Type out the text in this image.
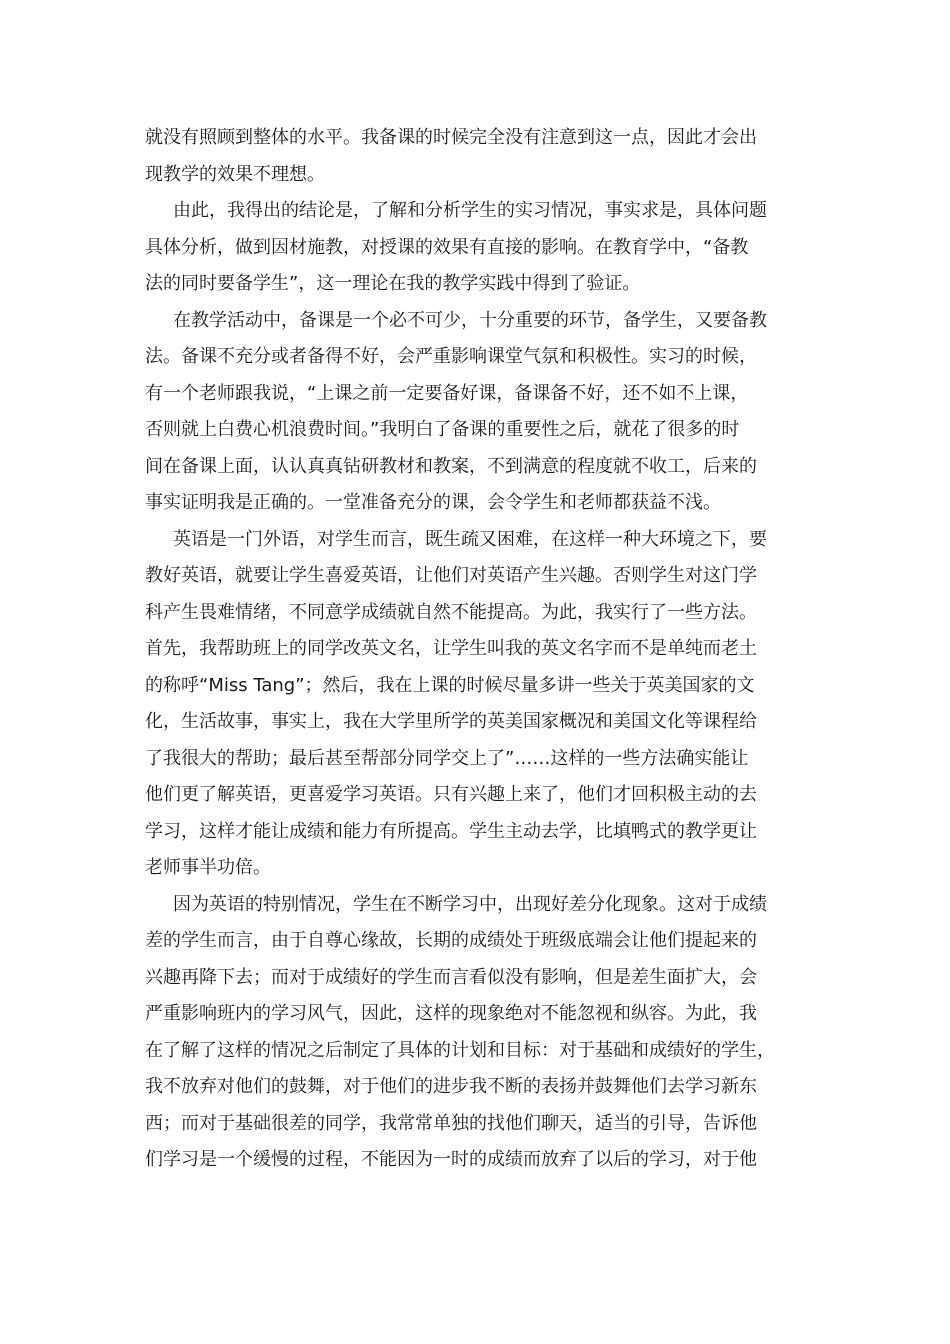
就没有照顾到整体的水平。我备课的时候完全没有注意到这一点，因此才会出
现教学的效果不理想。
由此，我得出的结论是，了解和分析学生的实习情况，事实求是，具体问题
具体分析，做到因材施教，对授课的效果有直接的影响。在教育学中，“备教
法的同时要备学生”，这一理论在我的教学实践中得到了验证。
在教学活动中，备课是一个必不可少，十分重要的环节，备学生，又要备教
法。备课不充分或者备得不好，会严重影响课堂气氛和积极性。实习的时候，
有一个老师跟我说，“上课之前一定要备好课，备课备不好，还不如不上课，
否则就上白费心机浪费时间。”我明白了备课的重要性之后，就花了很多的时
间在备课上面，认认真真钻研教材和教案，不到满意的程度就不收工，后来的
事实证明我是正确的。一堂准备充分的课，会令学生和老师都获益不浅。
英语是一门外语，对学生而言，既生疏又困难，在这样一种大环境之下，要
教好英语，就要让学生喜爱英语，让他们对英语产生兴趣。否则学生对这门学
科产生畏难情绪，不同意学成绩就自然不能提高。为此，我实行了一些方法。
首先，我帮助班上的同学改英文名，让学生叫我的英文名字而不是单纯而老土
的称呼“Miss Tang”；然后，我在上课的时候尽量多讲一些关于英美国家的文
化，生活故事，事实上，我在大学里所学的英美国家概况和美国文化等课程给
了我很大的帮助；最后甚至帮部分同学交上了”……这样的一些方法确实能让
他们更了解英语，更喜爱学习英语。只有兴趣上来了，他们才回积极主动的去
学习，这样才能让成绩和能力有所提高。学生主动去学，比填鸭式的教学更让
老师事半功倍。
因为英语的特别情况，学生在不断学习中，出现好差分化现象。这对于成绩
差的学生而言，由于自尊心缘故，长期的成绩处于班级底端会让他们提起来的
兴趣再降下去；而对于成绩好的学生而言看似没有影响，但是差生面扩大，会
严重影响班内的学习风气，因此，这样的现象绝对不能忽视和纵容。为此，我
在了解了这样的情况之后制定了具体的计划和目标：对于基础和成绩好的学生，
我不放弃对他们的鼓舞，对于他们的进步我不断的表扬并鼓舞他们去学习新东
西；而对于基础很差的同学，我常常单独的找他们聊天，适当的引导，告诉他
们学习是一个缓慢的过程，不能因为一时的成绩而放弃了以后的学习，对于他
